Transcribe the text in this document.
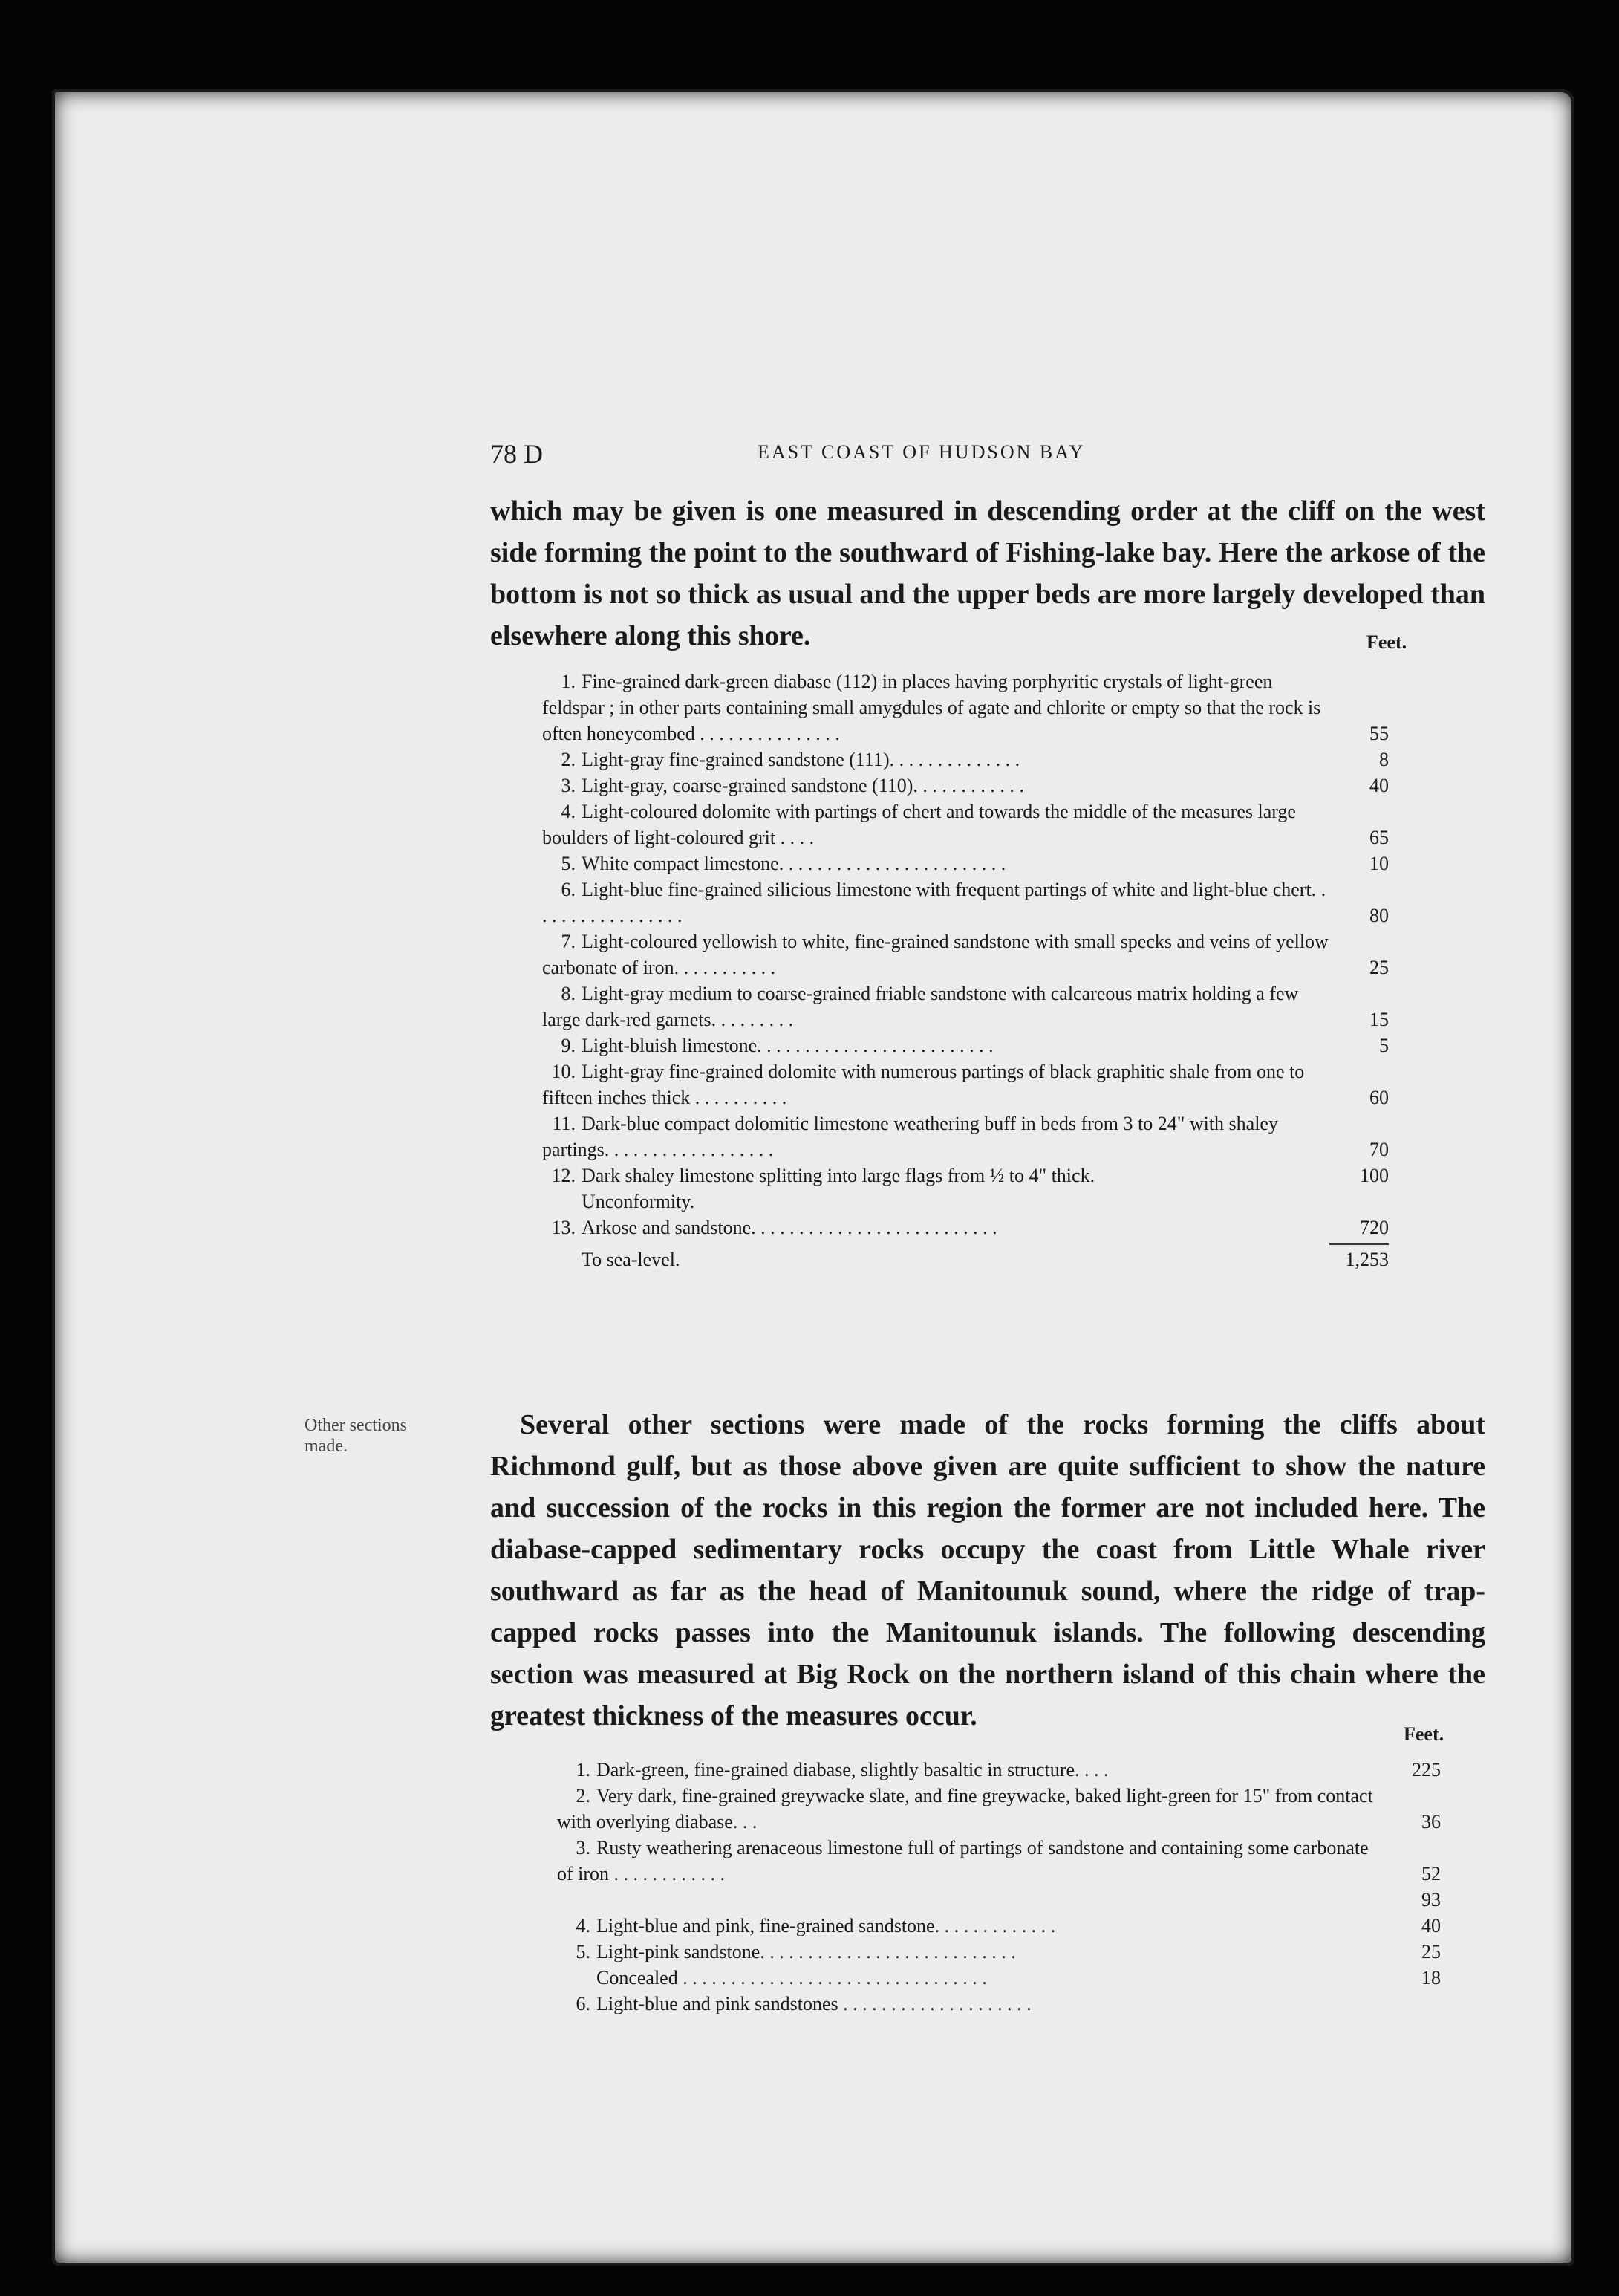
78 D	EAST COAST OF HUDSON BAY

which may be given is one measured in descending order at the cliff on the west side forming the point to the southward of Fishing-lake bay. Here the arkose of the bottom is not so thick as usual and the upper beds are more largely developed than elsewhere along this shore.	Feet.
1. Fine-grained dark-green diabase (112) in places having porphyritic crystals of light-green feldspar ; in other parts containing small amygdules of agate and chlorite or empty so that the rock is often honeycombed . . . . . . . . . . . . . . .	55
2. Light-gray fine-grained sandstone (111). . . . . . . . . . . . . .	8
3. Light-gray, coarse-grained sandstone (110). . . . . . . . . . . .	40
4. Light-coloured dolomite with partings of chert and towards the middle of the measures large boulders of light-coloured grit . . . .	65
5. White compact limestone. . . . . . . . . . . . . . . . . . . . . . . .	10
6. Light-blue fine-grained silicious limestone with frequent partings of white and light-blue chert. . . . . . . . . . . . . . . . .	80
7. Light-coloured yellowish to white, fine-grained sandstone with small specks and veins of yellow carbonate of iron. . . . . . . . . . .	25
8. Light-gray medium to coarse-grained friable sandstone with calcareous matrix holding a few large dark-red garnets. . . . . . . . .	15
9. Light-bluish limestone. . . . . . . . . . . . . . . . . . . . . . . . .	5
10. Light-gray fine-grained dolomite with numerous partings of black graphitic shale from one to fifteen inches thick . . . . . . . . . .	60
11. Dark-blue compact dolomitic limestone weathering buff in beds from 3 to 24" with shaley partings. . . . . . . . . . . . . . . . . .	70
12. Dark shaley limestone splitting into large flags from ½ to 4" thick.	100
Unconformity.
13. Arkose and sandstone. . . . . . . . . . . . . . . . . . . . . . . . . .	720
To sea-level.	1,253
Other sections made.

Several other sections were made of the rocks forming the cliffs about Richmond gulf, but as those above given are quite sufficient to show the nature and succession of the rocks in this region the former are not included here. The diabase-capped sedimentary rocks occupy the coast from Little Whale river southward as far as the head of Manitounuk sound, where the ridge of trap-capped rocks passes into the Manitounuk islands. The following descending section was measured at Big Rock on the northern island of this chain where the greatest thickness of the measures occur.

Feet.
1. Dark-green, fine-grained diabase, slightly basaltic in structure. . . .	225
2. Very dark, fine-grained greywacke slate, and fine greywacke, baked light-green for 15" from contact with overlying diabase. . .	36
3. Rusty weathering arenaceous limestone full of partings of sandstone and containing some carbonate of iron . . . . . . . . . . . .	52
93
4. Light-blue and pink, fine-grained sandstone. . . . . . . . . . . . .	40
5. Light-pink sandstone. . . . . . . . . . . . . . . . . . . . . . . . . . .	25
Concealed . . . . . . . . . . . . . . . . . . . . . . . . . . . . . . . .	18
6. Light-blue and pink sandstones . . . . . . . . . . . . . . . . . . . .
